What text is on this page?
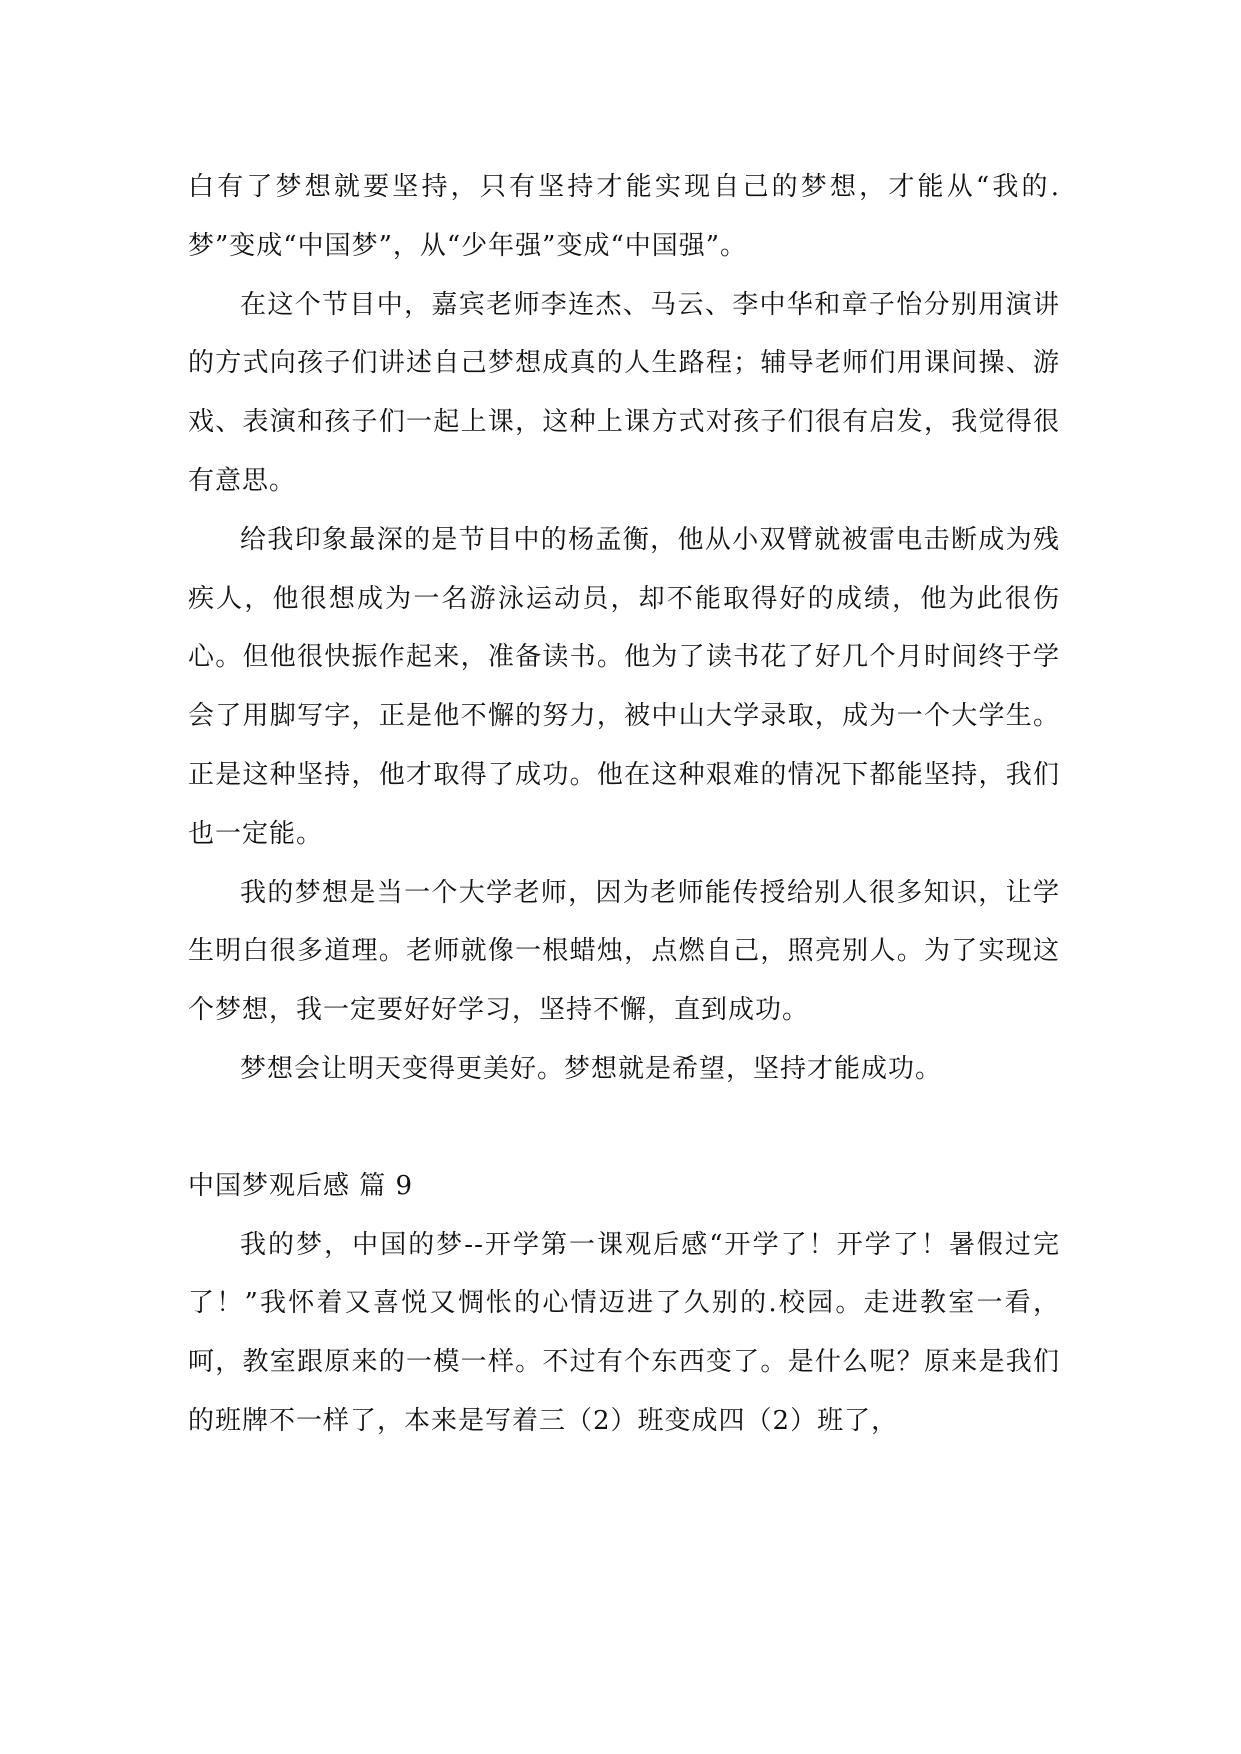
白有了梦想就要坚持，只有坚持才能实现自己的梦想，才能从“我的.梦”变成“中国梦”，从“少年强”变成“中国强”。

在这个节目中，嘉宾老师李连杰、马云、李中华和章子怡分别用演讲的方式向孩子们讲述自己梦想成真的人生路程；辅导老师们用课间操、游戏、表演和孩子们一起上课，这种上课方式对孩子们很有启发，我觉得很有意思。

给我印象最深的是节目中的杨孟衡，他从小双臂就被雷电击断成为残疾人，他很想成为一名游泳运动员，却不能取得好的成绩，他为此很伤心。但他很快振作起来，准备读书。他为了读书花了好几个月时间终于学会了用脚写字，正是他不懈的努力，被中山大学录取，成为一个大学生。正是这种坚持，他才取得了成功。他在这种艰难的情况下都能坚持，我们也一定能。

我的梦想是当一个大学老师，因为老师能传授给别人很多知识，让学生明白很多道理。老师就像一根蜡烛，点燃自己，照亮别人。为了实现这个梦想，我一定要好好学习，坚持不懈，直到成功。

梦想会让明天变得更美好。梦想就是希望，坚持才能成功。

中国梦观后感 篇 9

我的梦，中国的梦--开学第一课观后感“开学了！开学了！暑假过完了！”我怀着又喜悦又惆怅的心情迈进了久别的.校园。走进教室一看，呵，教室跟原来的一模一样。不过有个东西变了。是什么呢？原来是我们的班牌不一样了，本来是写着三（2）班变成四（2）班了，
